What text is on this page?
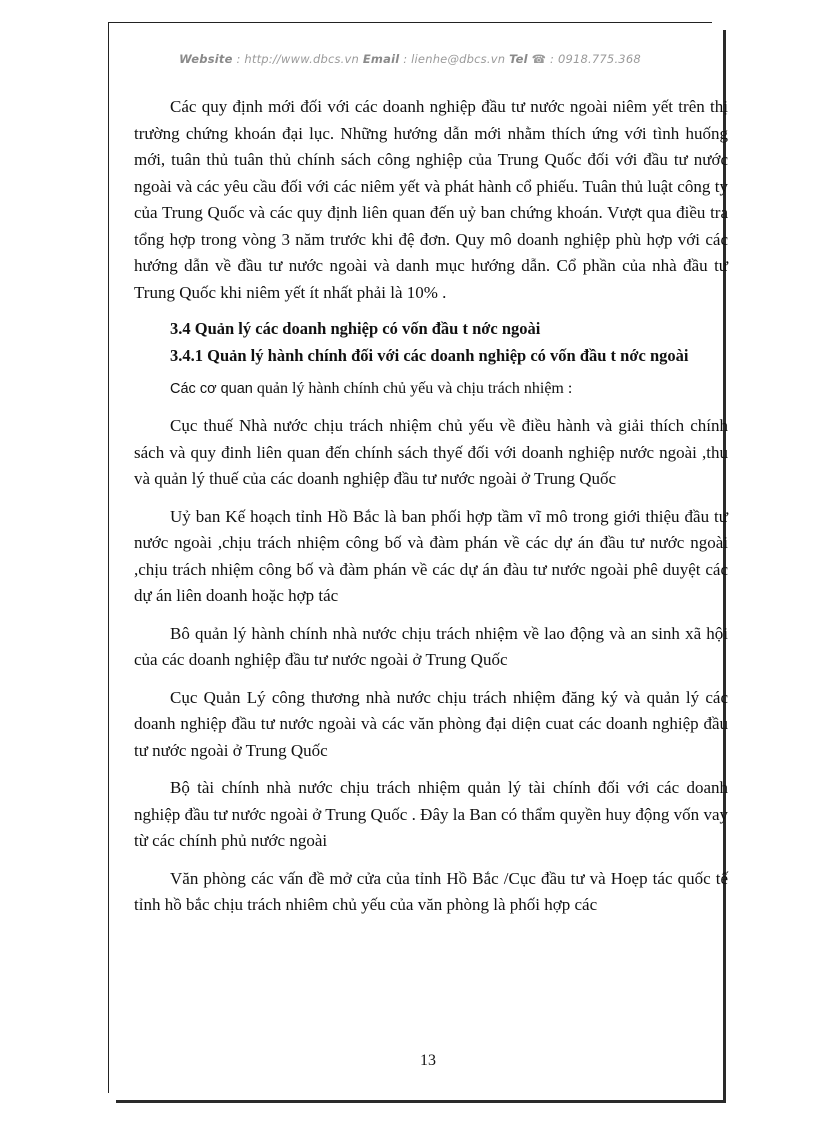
Website : http://www.dbcs.vn Email : lienhe@dbcs.vn Tel ☎ : 0918.775.368

Các quy định mới đối với các doanh nghiệp đầu tư nước ngoài niêm yết trên thị trường chứng khoán đại lục. Những hướng dẫn mới nhằm thích ứng với tình huống mới, tuân thủ tuân thủ chính sách công nghiệp của Trung Quốc đối với đầu tư nước ngoài và các yêu cầu đối với các niêm yết và phát hành cổ phiếu. Tuân thủ luật công ty của Trung Quốc và các quy định liên quan đến uỷ ban chứng khoán. Vượt qua điều tra tổng hợp trong vòng 3 năm trước khi đệ đơn. Quy mô doanh nghiệp phù hợp với các hướng dẫn về đầu tư nước ngoài và danh mục hướng dẫn. Cổ phần của nhà đầu tư Trung Quốc khi niêm yết ít nhất phải là 10% .

3.4 Quản lý các doanh nghiệp có vốn đầu t nớc ngoài
3.4.1 Quản lý hành chính đối với các doanh nghiệp có vốn đầu t nớc ngoài

Các cơ quan quản lý hành chính chủ yếu và chịu trách nhiệm :

Cục thuế Nhà nước chịu trách nhiệm chủ yếu về điều hành và giải thích chính sách và quy đinh liên quan đến chính sách thyế đối với doanh nghiệp nước ngoài ,thu và quản lý thuế của các doanh nghiệp đầu tư nước ngoài ở Trung Quốc

Uỷ ban Kế hoạch tỉnh Hồ Bắc là ban phối hợp tầm vĩ mô trong giới thiệu đầu tư nước ngoài ,chịu trách nhiệm công bố và đàm phán về các dự án đầu tư nước ngoài ,chịu trách nhiệm công bố và đàm phán về các dự án đàu tư nước ngoài phê duyệt các dự án liên doanh hoặc hợp tác

Bô quản lý hành chính nhà nước chịu trách nhiệm về lao động và an sinh xã hội của các doanh nghiệp đầu tư nước ngoài ở Trung Quốc

Cục Quản Lý công thương nhà nước chịu trách nhiệm đăng ký và quản lý các doanh nghiệp đầu tư nước ngoài và các văn phòng đại diện cuat các doanh nghiệp đầu tư nước ngoài ở Trung Quốc

Bộ tài chính nhà nước chịu trách nhiệm quản lý tài chính đối với các doanh nghiệp đầu tư nước ngoài ở Trung Quốc . Đây la Ban có thẩm quyền huy động vốn vay từ các chính phủ nước ngoài

Văn phòng các vấn đề mở cửa của tỉnh Hồ Bắc /Cục đầu tư và Hoẹp tác quốc tế tỉnh hồ bắc chịu trách nhiêm chủ yếu của văn phòng là phối hợp các

13
